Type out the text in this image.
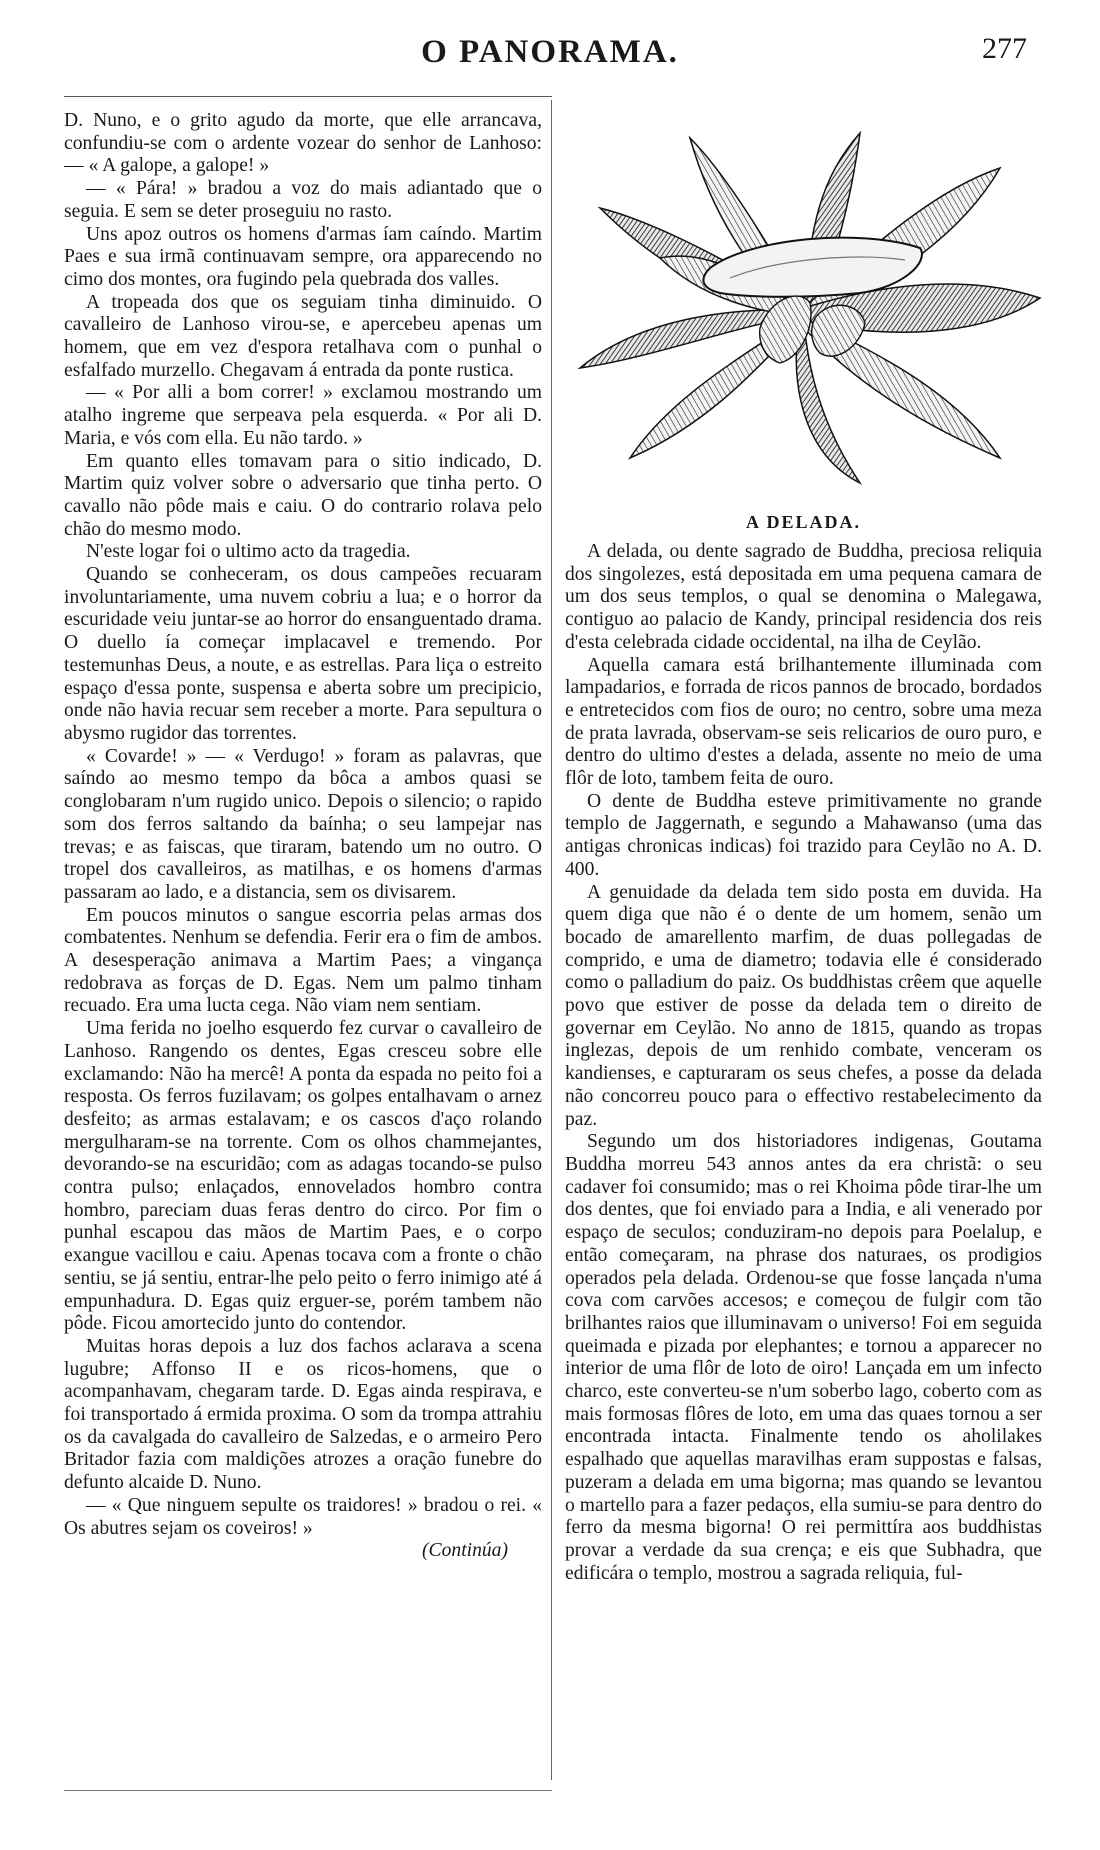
O PANORAMA.	277

D. Nuno, e o grito agudo da morte, que elle arrancava, confundiu-se com o ardente vozear do senhor de Lanhoso: — « A galope, a galope! »

— « Pára! » bradou a voz do mais adiantado que o seguia. E sem se deter proseguiu no rasto.

Uns apoz outros os homens d'armas íam caíndo. Martim Paes e sua irmã continuavam sempre, ora apparecendo no cimo dos montes, ora fugindo pela quebrada dos valles.

A tropeada dos que os seguiam tinha diminuido. O cavalleiro de Lanhoso virou-se, e apercebeu apenas um homem, que em vez d'espora retalhava com o punhal o esfalfado murzello. Chegavam á entrada da ponte rustica.

— « Por alli a bom correr! » exclamou mostrando um atalho ingreme que serpeava pela esquerda. « Por ali D. Maria, e vós com ella. Eu não tardo. »

Em quanto elles tomavam para o sitio indicado, D. Martim quiz volver sobre o adversario que tinha perto. O cavallo não pôde mais e caiu. O do contrario rolava pelo chão do mesmo modo.

N'este logar foi o ultimo acto da tragedia.

Quando se conheceram, os dous campeões recuaram involuntariamente, uma nuvem cobriu a lua; e o horror da escuridade veiu juntar-se ao horror do ensanguentado drama. O duello ía começar implacavel e tremendo. Por testemunhas Deus, a noute, e as estrellas. Para liça o estreito espaço d'essa ponte, suspensa e aberta sobre um precipicio, onde não havia recuar sem receber a morte. Para sepultura o abysmo rugidor das torrentes.

« Covarde! » — « Verdugo! » foram as palavras, que saíndo ao mesmo tempo da bôca a ambos quasi se conglobaram n'um rugido unico. Depois o silencio; o rapido som dos ferros saltando da baínha; o seu lampejar nas trevas; e as faiscas, que tiraram, batendo um no outro. O tropel dos cavalleiros, as matilhas, e os homens d'armas passaram ao lado, e a distancia, sem os divisarem.

Em poucos minutos o sangue escorria pelas armas dos combatentes. Nenhum se defendia. Ferir era o fim de ambos. A desesperação animava a Martim Paes; a vingança redobrava as forças de D. Egas. Nem um palmo tinham recuado. Era uma lucta cega. Não viam nem sentiam.

Uma ferida no joelho esquerdo fez curvar o cavalleiro de Lanhoso. Rangendo os dentes, Egas cresceu sobre elle exclamando: Não ha mercê! A ponta da espada no peito foi a resposta. Os ferros fuzilavam; os golpes entalhavam o arnez desfeito; as armas estalavam; e os cascos d'aço rolando mergulharam-se na torrente. Com os olhos chammejantes, devorando-se na escuridão; com as adagas tocando-se pulso contra pulso; enlaçados, ennovelados hombro contra hombro, pareciam duas feras dentro do circo. Por fim o punhal escapou das mãos de Martim Paes, e o corpo exangue vacillou e caiu. Apenas tocava com a fronte o chão sentiu, se já sentiu, entrar-lhe pelo peito o ferro inimigo até á empunhadura. D. Egas quiz erguer-se, porém tambem não pôde. Ficou amortecido junto do contendor.

Muitas horas depois a luz dos fachos aclarava a scena lugubre; Affonso II e os ricos-homens, que o acompanhavam, chegaram tarde. D. Egas ainda respirava, e foi transportado á ermida proxima. O som da trompa attrahiu os da cavalgada do cavalleiro de Salzedas, e o armeiro Pero Britador fazia com maldições atrozes a oração funebre do defunto alcaide D. Nuno.

— « Que ninguem sepulte os traidores! » bradou o rei. « Os abutres sejam os coveiros! »

(Continúa)

A DELADA.

A delada, ou dente sagrado de Buddha, preciosa reliquia dos singolezes, está depositada em uma pequena camara de um dos seus templos, o qual se denomina o Malegawa, contiguo ao palacio de Kandy, principal residencia dos reis d'esta celebrada cidade occidental, na ilha de Ceylão.

Aquella camara está brilhantemente illuminada com lampadarios, e forrada de ricos pannos de brocado, bordados e entretecidos com fios de ouro; no centro, sobre uma meza de prata lavrada, observam-se seis relicarios de ouro puro, e dentro do ultimo d'estes a delada, assente no meio de uma flôr de loto, tambem feita de ouro.

O dente de Buddha esteve primitivamente no grande templo de Jaggernath, e segundo a Mahawanso (uma das antigas chronicas indicas) foi trazido para Ceylão no A. D. 400.

A genuidade da delada tem sido posta em duvida. Ha quem diga que não é o dente de um homem, senão um bocado de amarellento marfim, de duas pollegadas de comprido, e uma de diametro; todavia elle é considerado como o palladium do paiz. Os buddhistas crêem que aquelle povo que estiver de posse da delada tem o direito de governar em Ceylão. No anno de 1815, quando as tropas inglezas, depois de um renhido combate, venceram os kandienses, e capturaram os seus chefes, a posse da delada não concorreu pouco para o effectivo restabelecimento da paz.

Segundo um dos historiadores indigenas, Goutama Buddha morreu 543 annos antes da era christã: o seu cadaver foi consumido; mas o rei Khoima pôde tirar-lhe um dos dentes, que foi enviado para a India, e ali venerado por espaço de seculos; conduziram-no depois para Poelalup, e então começaram, na phrase dos naturaes, os prodigios operados pela delada. Ordenou-se que fosse lançada n'uma cova com carvões accesos; e começou de fulgir com tão brilhantes raios que illuminavam o universo! Foi em seguida queimada e pizada por elephantes; e tornou a apparecer no interior de uma flôr de loto de oiro! Lançada em um infecto charco, este converteu-se n'um soberbo lago, coberto com as mais formosas flôres de loto, em uma das quaes tornou a ser encontrada intacta. Finalmente tendo os aholilakes espalhado que aquellas maravilhas eram suppostas e falsas, puzeram a delada em uma bigorna; mas quando se levantou o martello para a fazer pedaços, ella sumiu-se para dentro do ferro da mesma bigorna! O rei permittíra aos buddhistas provar a verdade da sua crença; e eis que Subhadra, que edificára o templo, mostrou a sagrada reliquia, ful-
